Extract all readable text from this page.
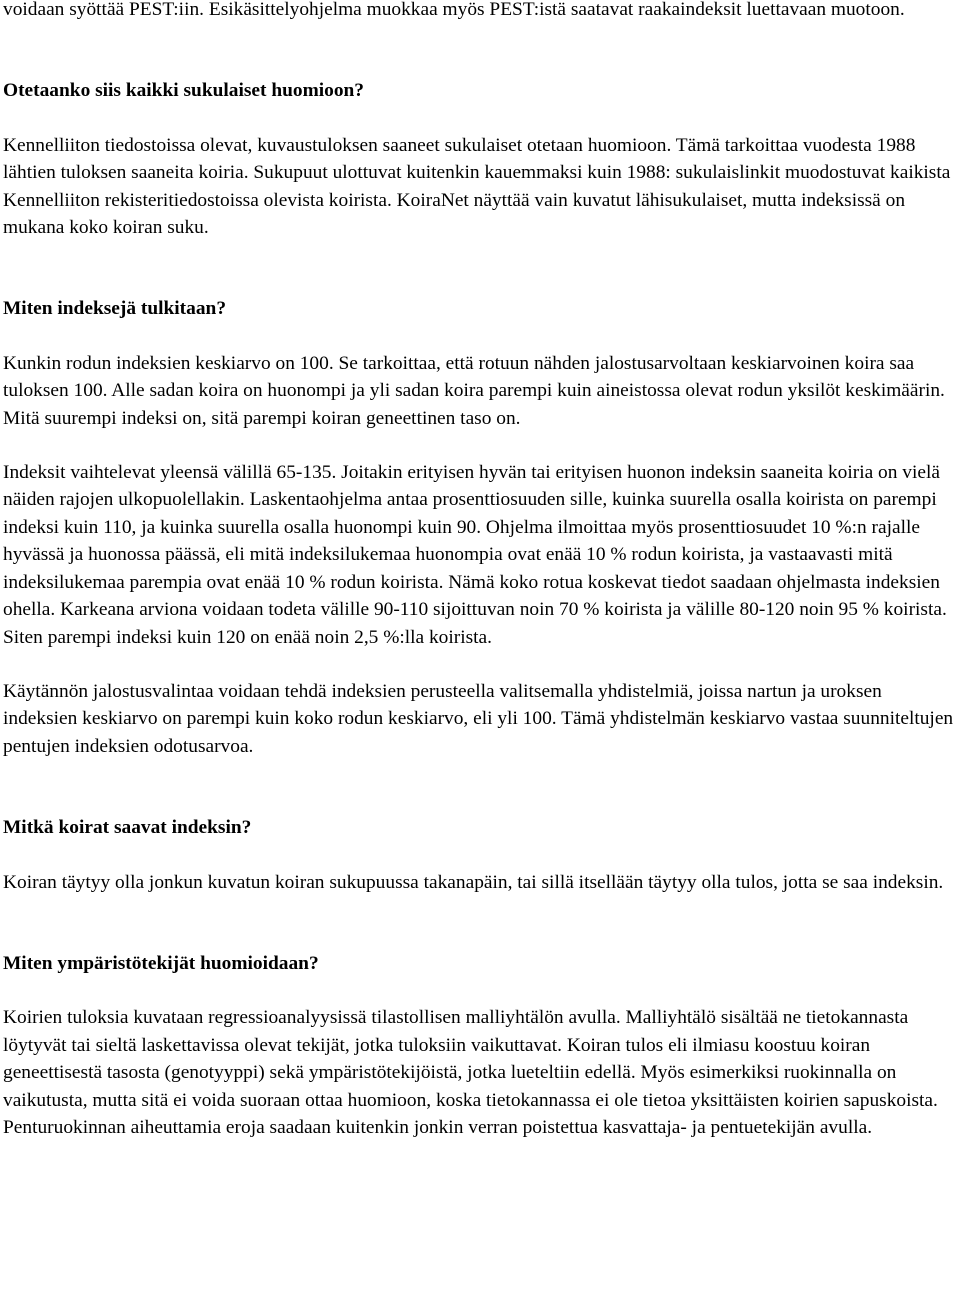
voidaan syöttää PEST:iin. Esikäsittelyohjelma muokkaa myös PEST:istä saatavat raakaindeksit luettavaan muotoon.

Otetaanko siis kaikki sukulaiset huomioon?

Kennelliiton tiedostoissa olevat, kuvaustuloksen saaneet sukulaiset otetaan huomioon. Tämä tarkoittaa vuodesta 1988 lähtien tuloksen saaneita koiria. Sukupuut ulottuvat kuitenkin kauemmaksi kuin 1988: sukulaislinkit muodostuvat kaikista Kennelliiton rekisteritiedostoissa olevista koirista. KoiraNet näyttää vain kuvatut lähisukulaiset, mutta indeksissä on mukana koko koiran suku.

Miten indeksejä tulkitaan?

Kunkin rodun indeksien keskiarvo on 100. Se tarkoittaa, että rotuun nähden jalostusarvoltaan keskiarvoinen koira saa tuloksen 100. Alle sadan koira on huonompi ja yli sadan koira parempi kuin aineistossa olevat rodun yksilöt keskimäärin. Mitä suurempi indeksi on, sitä parempi koiran geneettinen taso on.

Indeksit vaihtelevat yleensä välillä 65-135. Joitakin erityisen hyvän tai erityisen huonon indeksin saaneita koiria on vielä näiden rajojen ulkopuolellakin. Laskentaohjelma antaa prosenttiosuuden sille, kuinka suurella osalla koirista on parempi indeksi kuin 110, ja kuinka suurella osalla huonompi kuin 90. Ohjelma ilmoittaa myös prosenttiosuudet 10 %:n rajalle hyvässä ja huonossa päässä, eli mitä indeksilukemaa huonompia ovat enää 10 % rodun koirista, ja vastaavasti mitä indeksilukemaa parempia ovat enää 10 % rodun koirista. Nämä koko rotua koskevat tiedot saadaan ohjelmasta indeksien ohella. Karkeana arviona voidaan todeta välille 90-110 sijoittuvan noin 70 % koirista ja välille 80-120 noin 95 % koirista. Siten parempi indeksi kuin 120 on enää noin 2,5 %:lla koirista.

Käytännön jalostusvalintaa voidaan tehdä indeksien perusteella valitsemalla yhdistelmiä, joissa nartun ja uroksen indeksien keskiarvo on parempi kuin koko rodun keskiarvo, eli yli 100. Tämä yhdistelmän keskiarvo vastaa suunniteltujen pentujen indeksien odotusarvoa.

Mitkä koirat saavat indeksin?

Koiran täytyy olla jonkun kuvatun koiran sukupuussa takanapäin, tai sillä itsellään täytyy olla tulos, jotta se saa indeksin.

Miten ympäristötekijät huomioidaan?

Koirien tuloksia kuvataan regressioanalyysissä tilastollisen malliyhtälön avulla. Malliyhtälö sisältää ne tietokannasta löytyvät tai sieltä laskettavissa olevat tekijät, jotka tuloksiin vaikuttavat. Koiran tulos eli ilmiasu koostuu koiran geneettisestä tasosta (genotyyppi) sekä ympäristötekijöistä, jotka lueteltiin edellä. Myös esimerkiksi ruokinnalla on vaikutusta, mutta sitä ei voida suoraan ottaa huomioon, koska tietokannassa ei ole tietoa yksittäisten koirien sapuskoista. Penturuokinnan aiheuttamia eroja saadaan kuitenkin jonkin verran poistettua kasvattaja- ja pentuetekijän avulla.
